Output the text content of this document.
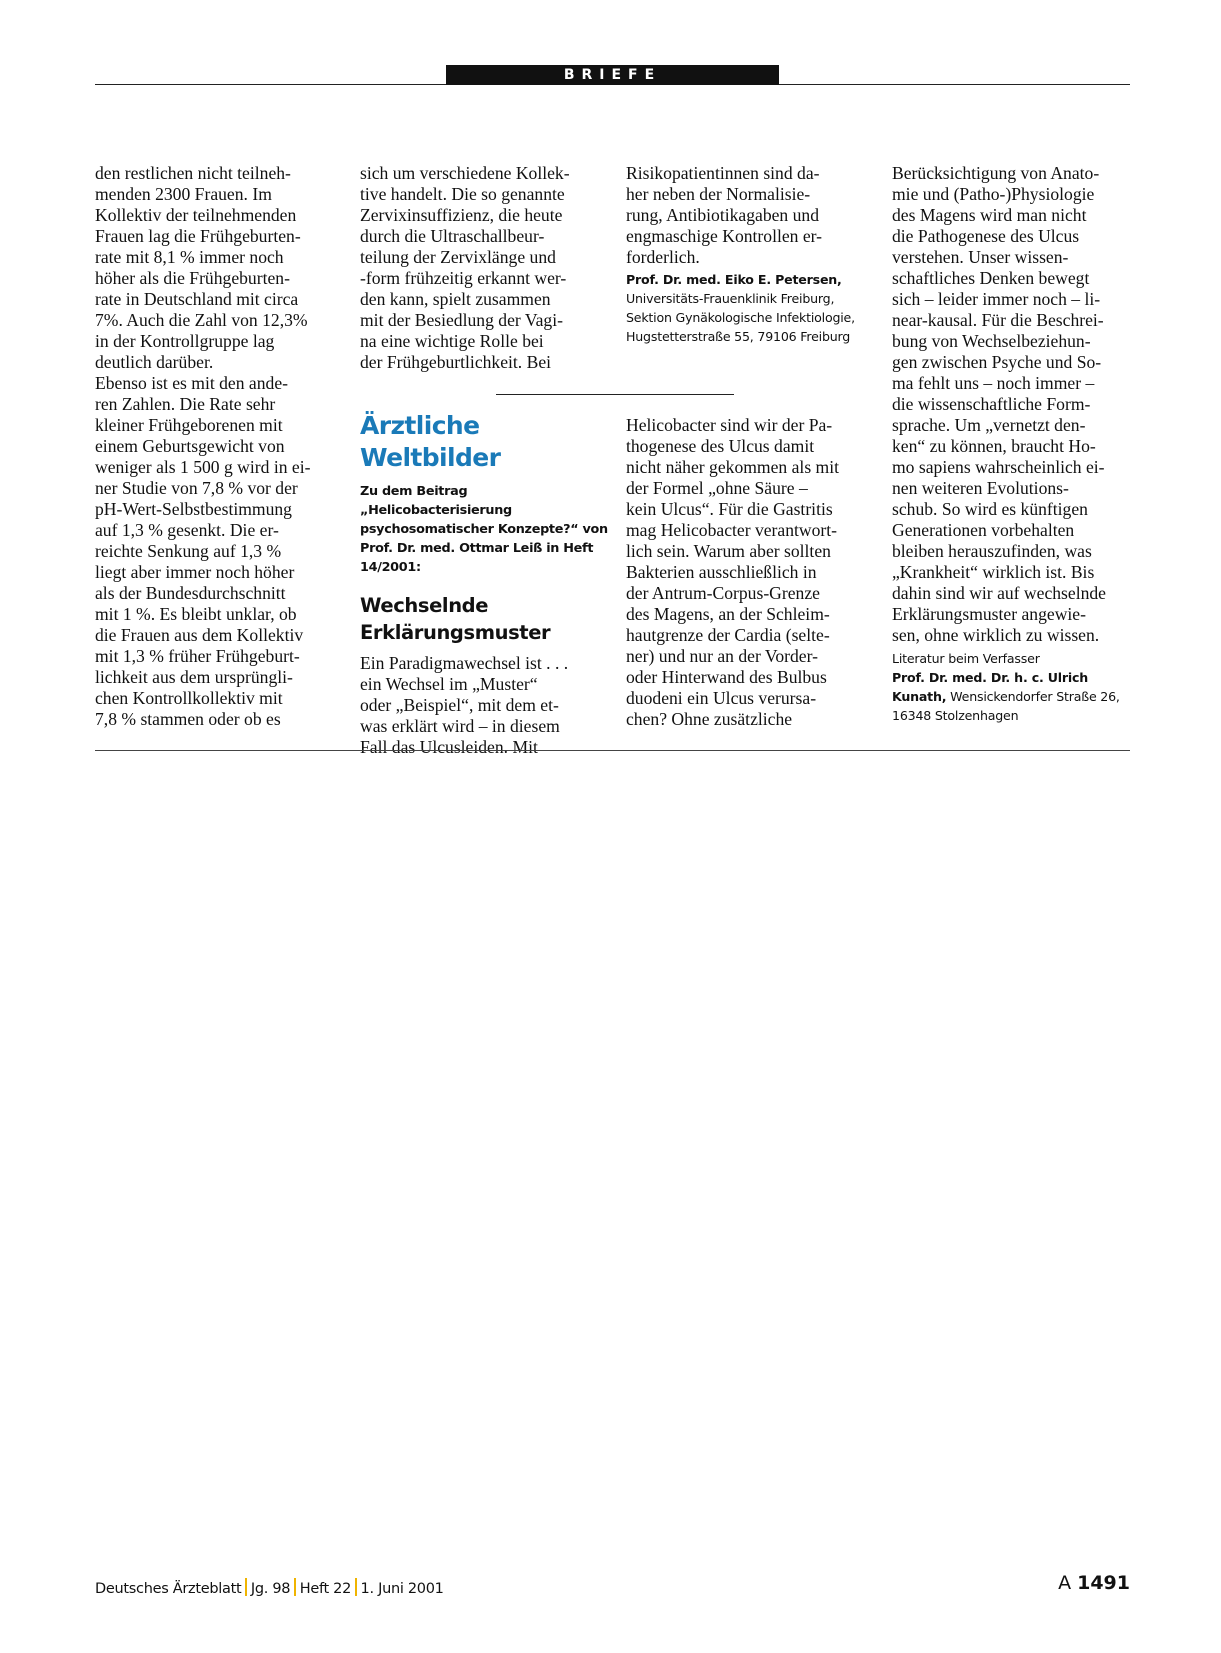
BRIEFE

den restlichen nicht teilneh-
menden 2300 Frauen. Im
Kollektiv der teilnehmenden
Frauen lag die Frühgeburten-
rate mit 8,1 % immer noch
höher als die Frühgeburten-
rate in Deutschland mit circa
7%. Auch die Zahl von 12,3%
in der Kontrollgruppe lag
deutlich darüber.
Ebenso ist es mit den ande-
ren Zahlen. Die Rate sehr
kleiner Frühgeborenen mit
einem Geburtsgewicht von
weniger als 1 500 g wird in ei-
ner Studie von 7,8 % vor der
pH-Wert-Selbstbestimmung
auf 1,3 % gesenkt. Die er-
reichte Senkung auf 1,3 %
liegt aber immer noch höher
als der Bundesdurchschnitt
mit 1 %. Es bleibt unklar, ob
die Frauen aus dem Kollektiv
mit 1,3 % früher Frühgeburt-
lichkeit aus dem ursprüngli-
chen Kontrollkollektiv mit
7,8 % stammen oder ob es

sich um verschiedene Kollek-
tive handelt. Die so genannte
Zervixinsuffizienz, die heute
durch die Ultraschallbeur-
teilung der Zervixlänge und
-form frühzeitig erkannt wer-
den kann, spielt zusammen
mit der Besiedlung der Vagi-
na eine wichtige Rolle bei
der Frühgeburtlichkeit. Bei

Risikopatientinnen sind da-
her neben der Normalisie-
rung, Antibiotikagaben und
engmaschige Kontrollen er-
forderlich.

Prof. Dr. med. Eiko E. Petersen,
Universitäts-Frauenklinik Freiburg,
Sektion Gynäkologische Infektiologie,
Hugstetterstraße 55, 79106 Freiburg
Ärztliche Weltbilder
Zu dem Beitrag „Helicobacterisierung
psychosomatischer Konzepte?“ von
Prof. Dr. med. Ottmar Leiß in Heft
14/2001:
Wechselnde
Erklärungsmuster

Ein Paradigmawechsel ist . . .
ein Wechsel im „Muster“
oder „Beispiel“, mit dem et-
was erklärt wird – in diesem
Fall das Ulcusleiden. Mit

Helicobacter sind wir der Pa-
thogenese des Ulcus damit
nicht näher gekommen als mit
der Formel „ohne Säure –
kein Ulcus“. Für die Gastritis
mag Helicobacter verantwort-
lich sein. Warum aber sollten
Bakterien ausschließlich in
der Antrum-Corpus-Grenze
des Magens, an der Schleim-
hautgrenze der Cardia (selte-
ner) und nur an der Vorder-
oder Hinterwand des Bulbus
duodeni ein Ulcus verursa-
chen? Ohne zusätzliche

Berücksichtigung von Anato-
mie und (Patho-)Physiologie
des Magens wird man nicht
die Pathogenese des Ulcus
verstehen. Unser wissen-
schaftliches Denken bewegt
sich – leider immer noch – li-
near-kausal. Für die Beschrei-
bung von Wechselbeziehun-
gen zwischen Psyche und So-
ma fehlt uns – noch immer –
die wissenschaftliche Form-
sprache. Um „vernetzt den-
ken“ zu können, braucht Ho-
mo sapiens wahrscheinlich ei-
nen weiteren Evolutions-
schub. So wird es künftigen
Generationen vorbehalten
bleiben herauszufinden, was
„Krankheit“ wirklich ist. Bis
dahin sind wir auf wechselnde
Erklärungsmuster angewie-
sen, ohne wirklich zu wissen.

Literatur beim Verfasser
Prof. Dr. med. Dr. h. c. Ulrich
Kunath, Wensickendorfer Straße 26,
16348 Stolzenhagen
Deutsches Ärzteblatt Jg. 98 Heft 22 1. Juni 2001	A 1491
